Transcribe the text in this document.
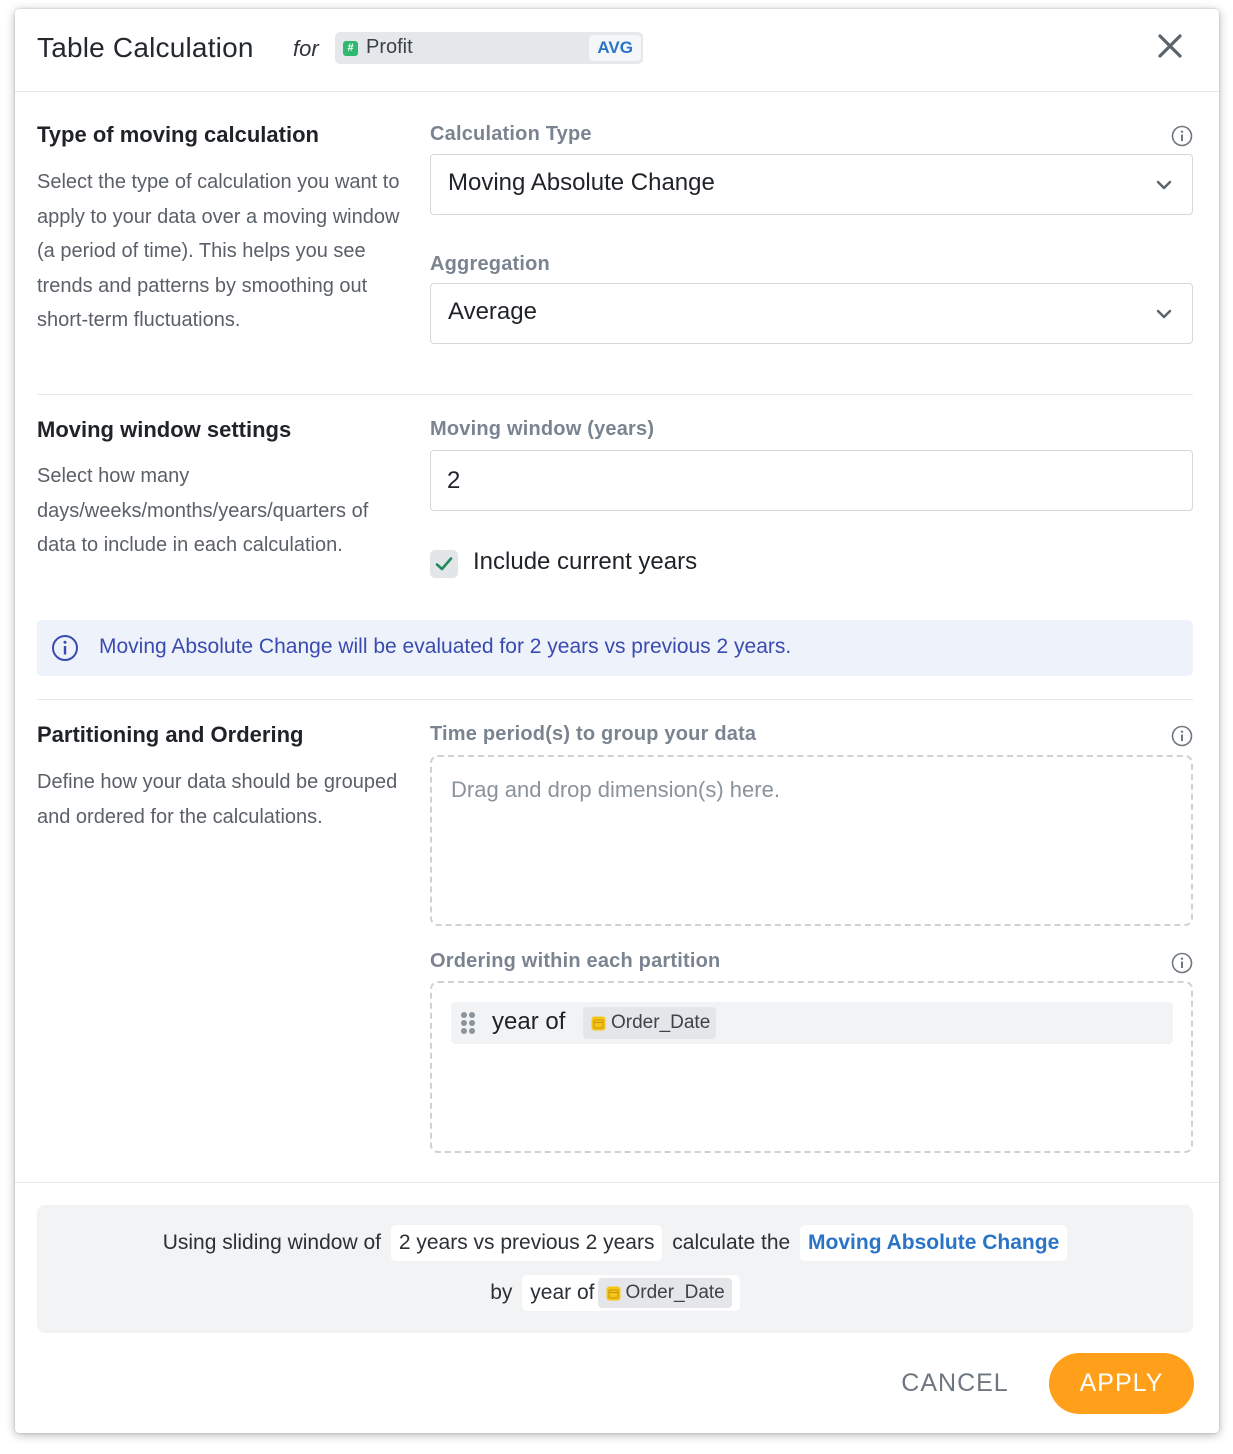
Table Calculation for	# Profit	AVG
Type of moving calculation
Select the type of calculation you want to apply to your data over a moving window (a period of time). This helps you see trends and patterns by smoothing out short-term fluctuations.
Calculation Type
Moving Absolute Change
Aggregation
Average
Moving window settings
Select how many days/weeks/months/years/quarters of data to include in each calculation.
Moving window (years)
2
Include current years
Moving Absolute Change will be evaluated for 2 years vs previous 2 years.
Partitioning and Ordering
Define how your data should be grouped and ordered for the calculations.
Time period(s) to group your data
Drag and drop dimension(s) here.
Ordering within each partition
year of	Order_Date
Using sliding window of 2 years vs previous 2 years calculate the Moving Absolute Change
by year of Order_Date
CANCEL	APPLY
